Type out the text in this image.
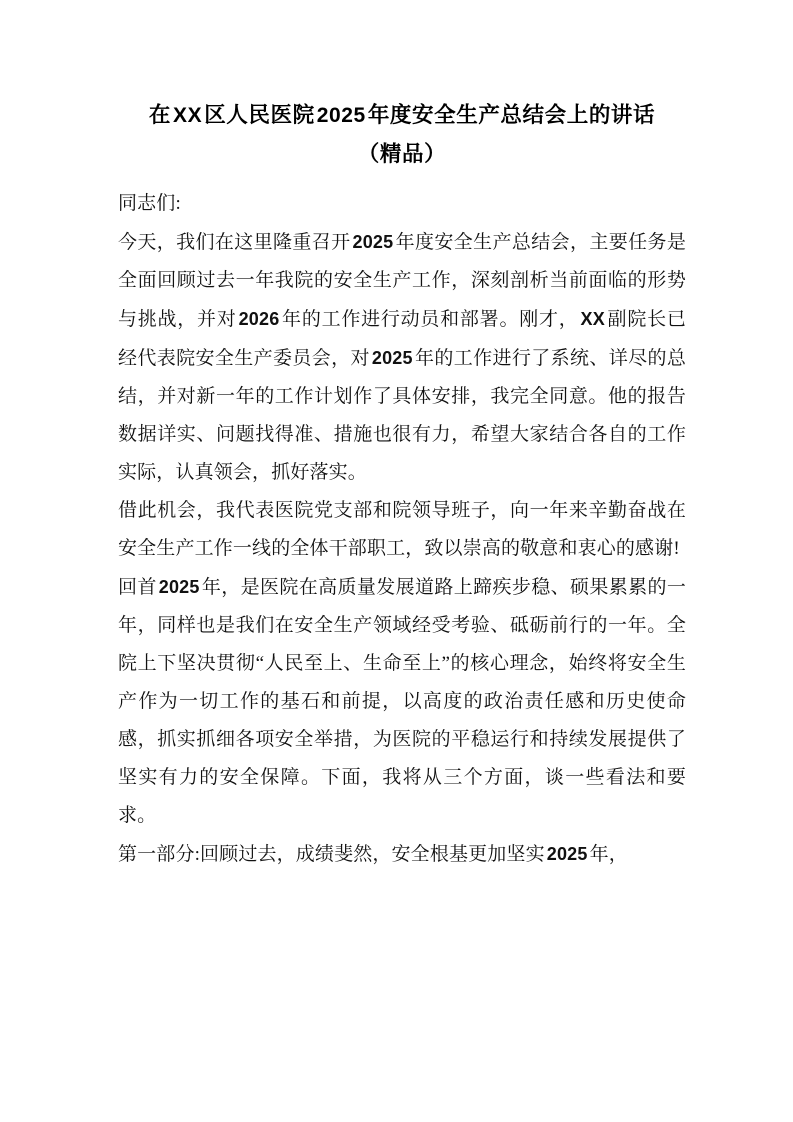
在XX区人民医院2025年度安全生产总结会上的讲话
（精品）

同志们:

今天，我们在这里隆重召开 2025 年度安全生产总结会，主要任务是全面回顾过去一年我院的安全生产工作，深刻剖析当前面临的形势与挑战，并对 2026 年的工作进行动员和部署。刚才， XX 副院长已经代表院安全生产委员会，对 2025 年的工作进行了系统、详尽的总结，并对新一年的工作计划作了具体安排，我完全同意。他的报告数据详实、问题找得准、措施也很有力，希望大家结合各自的工作实际，认真领会，抓好落实。

借此机会，我代表医院党支部和院领导班子，向一年来辛勤奋战在安全生产工作一线的全体干部职工，致以崇高的敬意和衷心的感谢!

回首 2025 年，是医院在高质量发展道路上蹄疾步稳、硕果累累的一年，同样也是我们在安全生产领域经受考验、砥砺前行的一年。全院上下坚决贯彻“人民至上、生命至上”的核心理念，始终将安全生产作为一切工作的基石和前提，以高度的政治责任感和历史使命感，抓实抓细各项安全举措，为医院的平稳运行和持续发展提供了坚实有力的安全保障。下面，我将从三个方面，谈一些看法和要求。

第一部分:回顾过去，成绩斐然，安全根基更加坚实 2025 年，
